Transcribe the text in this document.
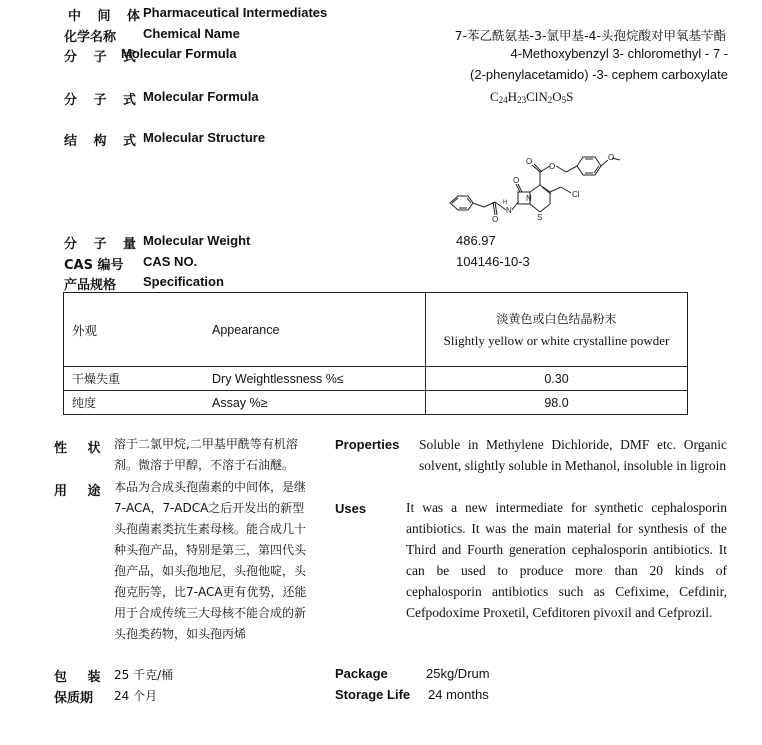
中 间 体
Pharmaceutical Intermediates
化学名称 Chemical Name	7-苯乙酰氨基-3-氯甲基-4-头孢烷酸对甲氧基苄酯
分 子 式
Molecular Formula	4-Methoxybenzyl 3- chloromethyl - 7 -
(2-phenylacetamido) -3- cephem carboxylate
分 子 式 Molecular Formula	$C_{24}H_{23}ClN_2O_5S$
结 构 式 Molecular Structure
O
O
O
N
O
S
N	Cl
H
O
分 子 量 Molecular Weight	486.97
CAS 编号 CAS NO.	104146-10-3
产品规格 Specification
外观	Appearance	淡黄色或白色结晶粉末
Slightly yellow or white crystalline powder

干燥失重	Dry Weightlessness %≤	0.30
纯度	Assay %≥	98.0
性 状 溶于二氯甲烷,二甲基甲酰等有机溶剂。微溶于甲醇，不溶于石油醚。
Properties Soluble in Methylene Dichloride, DMF etc. Organic solvent, slightly soluble in Methanol, insoluble in ligroin
用 途 本品为合成头孢菌素的中间体，是继7-ACA，7-ADCA之后开发出的新型头孢菌素类抗生素母核。能合成几十种头孢产品，特别是第三，第四代头孢产品，如头孢地尼，头孢他啶，头孢克肟等，比7-ACA更有优势，还能用于合成传统三大母核不能合成的新头孢类药物，如头孢丙烯
Uses	It was a new intermediate for synthetic cephalosporin antibiotics. It was the main material for synthesis of the Third and Fourth generation cephalosporin antibiotics. It can be used to produce more than 20 kinds of cephalosporin antibiotics such as Cefixime, Cefdinir, Cefpodoxime Proxetil, Cefditoren pivoxil and Cefprozil.
包 装 25 千克/桶	Package	25kg/Drum
保质期 24 个月	Storage Life 24 months
